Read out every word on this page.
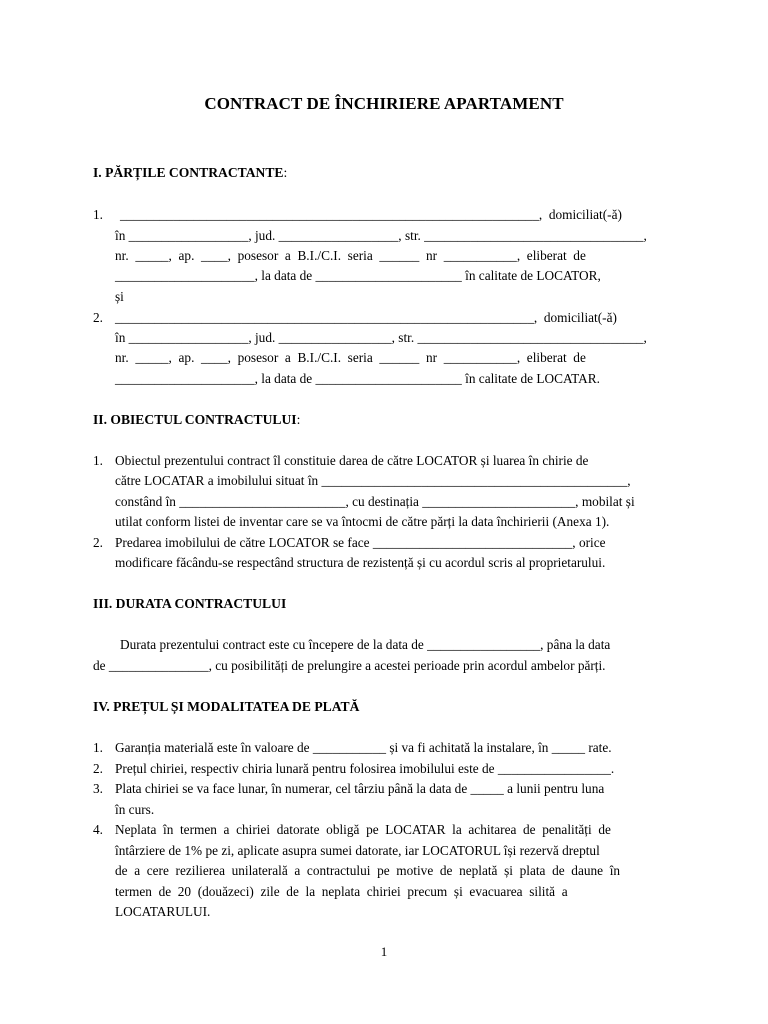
CONTRACT DE ÎNCHIRIERE APARTAMENT
I. PĂRȚILE CONTRACTANTE:
1. _______________________________________________________________,  domiciliat(-ă)
în __________________, jud. __________________, str. _________________________________,
nr.  _____,  ap.  ____,  posesor  a  B.I./C.I.  seria  ______  nr  ___________,  eliberat  de
_____________________, la data de ______________________ în calitate de LOCATOR,
și
2. _______________________________________________________________,  domiciliat(-ă)
în __________________, jud. _________________, str. __________________________________,
nr.  _____,  ap.  ____,  posesor  a  B.I./C.I.  seria  ______  nr  ___________,  eliberat  de
_____________________, la data de ______________________ în calitate de LOCATAR.
II. OBIECTUL CONTRACTULUI:
1. Obiectul prezentului contract îl constituie darea de către LOCATOR și luarea în chirie de
către LOCATAR a imobilului situat în ______________________________________________,
constând în _________________________, cu destinația _______________________, mobilat și
utilat conform listei de inventar care se va întocmi de către părți la data închirierii (Anexa 1).
2. Predarea imobilului de către LOCATOR se face ______________________________, orice
modificare făcându-se respectând structura de rezistență și cu acordul scris al proprietarului.
III. DURATA CONTRACTULUI
Durata prezentului contract este cu începere de la data de _________________, pâna la data
de _______________, cu posibilități de prelungire a acestei perioade prin acordul ambelor părți.
IV. PREȚUL ȘI MODALITATEA DE PLATĂ
1. Garanția materială este în valoare de ___________ și va fi achitată la instalare, în _____ rate.
2. Prețul chiriei, respectiv chiria lunară pentru folosirea imobilului este de _________________.
3. Plata chiriei se va face lunar, în numerar, cel târziu până la data de _____ a lunii pentru luna
în curs.
4. Neplata  în  termen  a  chiriei  datorate  obligă  pe  LOCATAR  la  achitarea  de  penalități  de
întârziere de 1% pe zi, aplicate asupra sumei datorate, iar LOCATORUL își rezervă dreptul
de  a  cere  rezilierea  unilaterală  a  contractului  pe  motive  de  neplată  și  plata  de  daune  în
termen  de  20  (douăzeci)  zile  de  la  neplata  chiriei  precum  și  evacuarea  silită  a
LOCATARULUI.
1
